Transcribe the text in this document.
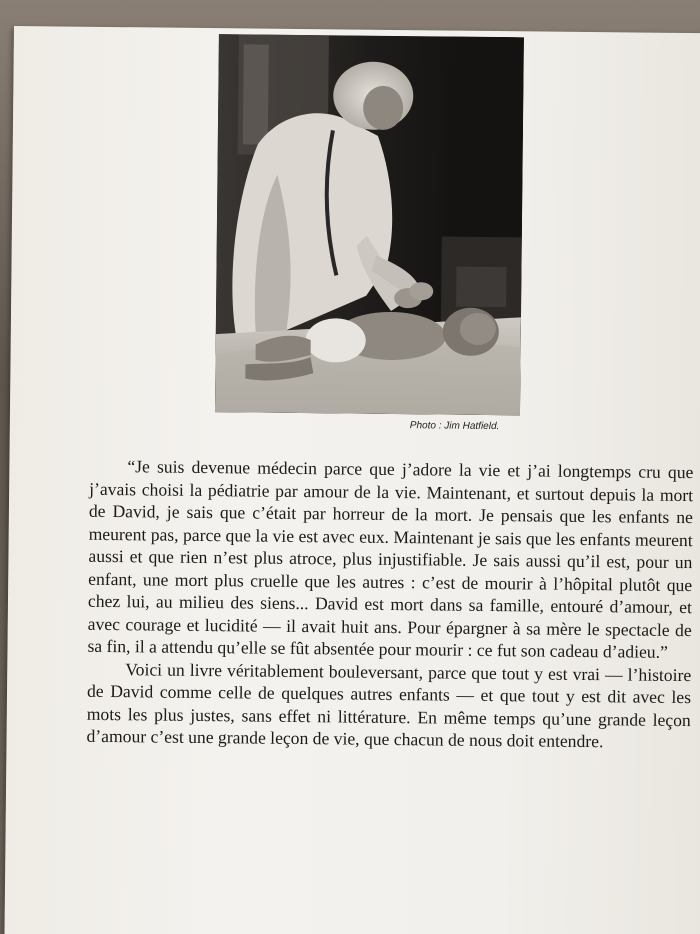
Photo : Jim Hatfield.

“Je suis devenue médecin parce que j’adore la vie et j’ai longtemps cru que j’avais choisi la pédiatrie par amour de la vie. Maintenant, et surtout depuis la mort de David, je sais que c’était par horreur de la mort. Je pensais que les enfants ne meurent pas, parce que la vie est avec eux. Maintenant je sais que les enfants meurent aussi et que rien n’est plus atroce, plus injustifiable. Je sais aussi qu’il est, pour un enfant, une mort plus cruelle que les autres : c’est de mourir à l’hôpital plutôt que chez lui, au milieu des siens... David est mort dans sa famille, entouré d’amour, et avec courage et lucidité — il avait huit ans. Pour épargner à sa mère le spectacle de sa fin, il a attendu qu’elle se fût absentée pour mourir : ce fut son cadeau d’adieu.”

Voici un livre véritablement bouleversant, parce que tout y est vrai — l’histoire de David comme celle de quelques autres enfants — et que tout y est dit avec les mots les plus justes, sans effet ni littérature. En même temps qu’une grande leçon d’amour c’est une grande leçon de vie, que chacun de nous doit entendre.
